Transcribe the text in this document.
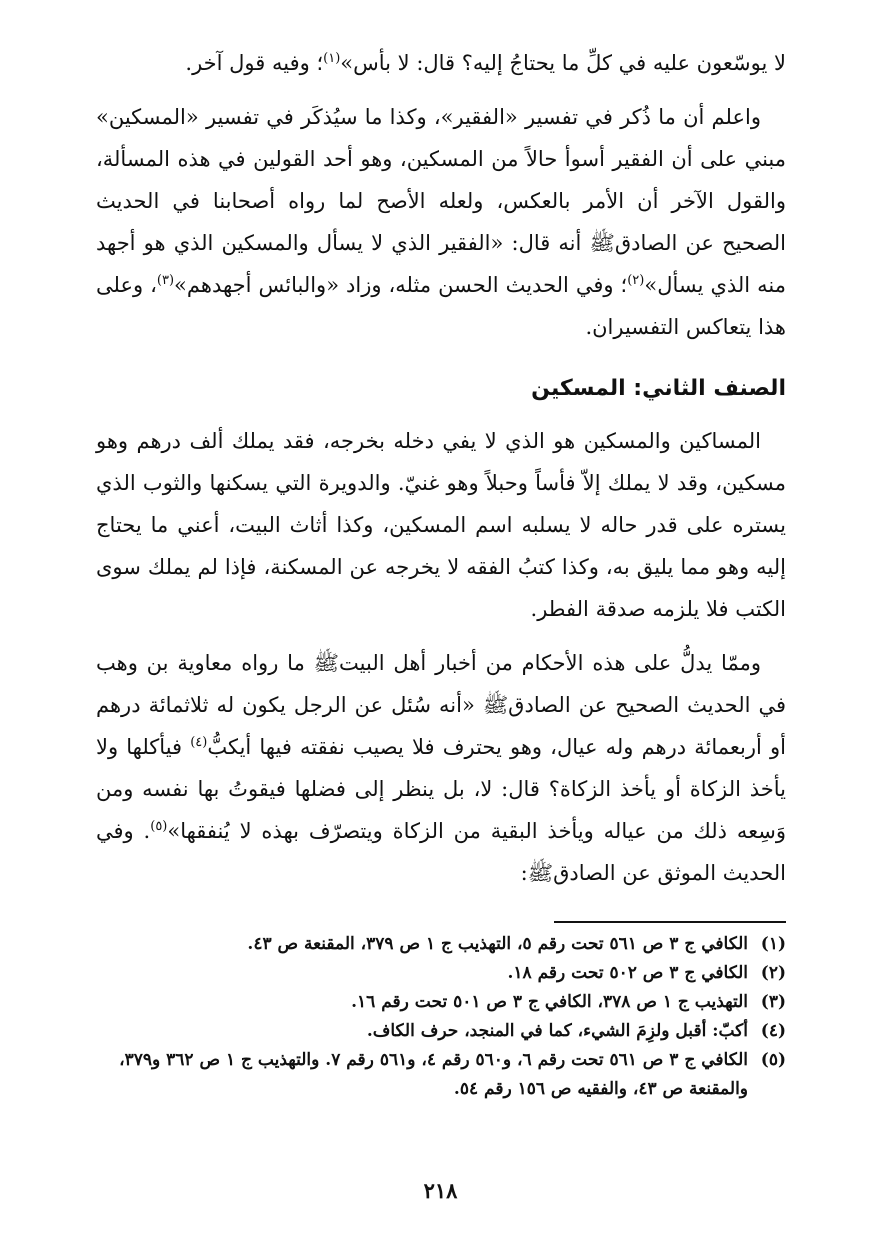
لا يوسّعون عليه في كلِّ ما يحتاجُ إليه؟ قال: لا بأس»$^{(١)}$؛ وفيه قول آخر.

واعلم أن ما ذُكر في تفسير «الفقير»، وكذا ما سيُذكَر في تفسير «المسكين» مبني على أن الفقير أسوأ حالاً من المسكين، وهو أحد القولين في هذه المسألة، والقول الآخر أن الأمر بالعكس، ولعله الأصح لما رواه أصحابنا في الحديث الصحيح عن الصادقﷺ أنه قال: «الفقير الذي لا يسأل والمسكين الذي هو أجهد منه الذي يسأل»$^{(٢)}$؛ وفي الحديث الحسن مثله، وزاد «والبائس أجهدهم»$^{(٣)}$، وعلى هذا يتعاكس التفسيران.

الصنف الثاني: المسكين

المساكين والمسكين هو الذي لا يفي دخله بخرجه، فقد يملك ألف درهم وهو مسكين، وقد لا يملك إلاّ فأساً وحبلاً وهو غنيّ. والدويرة التي يسكنها والثوب الذي يستره على قدر حاله لا يسلبه اسم المسكين، وكذا أثاث البيت، أعني ما يحتاج إليه وهو مما يليق به، وكذا كتبُ الفقه لا يخرجه عن المسكنة، فإذا لم يملك سوى الكتب فلا يلزمه صدقة الفطر.

وممّا يدلُّ على هذه الأحكام من أخبار أهل البيتﷺ ما رواه معاوية بن وهب في الحديث الصحيح عن الصادقﷺ «أنه سُئل عن الرجل يكون له ثلاثمائة درهم أو أربعمائة درهم وله عيال، وهو يحترف فلا يصيب نفقته فيها أيكبُّ$^{(٤)}$ فيأكلها ولا يأخذ الزكاة أو يأخذ الزكاة؟ قال: لا، بل ينظر إلى فضلها فيقوتُ بها نفسه ومن وَسِعه ذلك من عياله ويأخذ البقية من الزكاة ويتصرّف بهذه لا يُنفقها»$^{(٥)}$. وفي الحديث الموثق عن الصادقﷺ:

(١)
الكافي ج ٣ ص ٥٦١ تحت رقم ٥، التهذيب ج ١ ص ٣٧٩، المقنعة ص ٤٣.
(٢)
الكافي ج ٣ ص ٥٠٢ تحت رقم ١٨.
(٣)
التهذيب ج ١ ص ٣٧٨، الكافي ج ٣ ص ٥٠١ تحت رقم ١٦.
(٤)
أكبّ: أقبل ولزِمَ الشيء، كما في المنجد، حرف الكاف.
(٥)
الكافي ج ٣ ص ٥٦١ تحت رقم ٦، و٥٦٠ رقم ٤، و٥٦١ رقم ٧. والتهذيب ج ١ ص ٣٦٢ و٣٧٩، والمقنعة ص ٤٣، والفقيه ص ١٥٦ رقم ٥٤.
٢١٨
